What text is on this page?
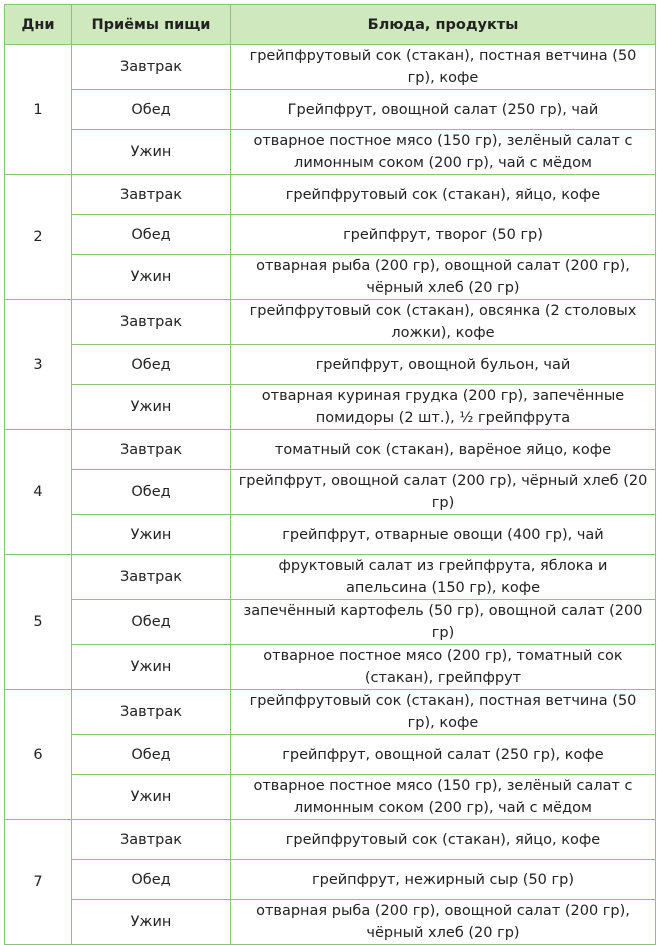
Дни	Приёмы пищи	Блюда, продукты
1	Завтрак	грейпфрутовый сок (стакан), постная ветчина (50 гр), кофе
	Обед	Грейпфрут, овощной салат (250 гр), чай
	Ужин	отварное постное мясо (150 гр), зелёный салат с лимонным соком (200 гр), чай с мёдом
2	Завтрак	грейпфрутовый сок (стакан), яйцо, кофе
	Обед	грейпфрут, творог (50 гр)
	Ужин	отварная рыба (200 гр), овощной салат (200 гр), чёрный хлеб (20 гр)
3	Завтрак	грейпфрутовый сок (стакан), овсянка (2 столовых ложки), кофе
	Обед	грейпфрут, овощной бульон, чай
	Ужин	отварная куриная грудка (200 гр), запечённые помидоры (2 шт.), ½ грейпфрута
4	Завтрак	томатный сок (стакан), варёное яйцо, кофе
	Обед	грейпфрут, овощной салат (200 гр), чёрный хлеб (20 гр)
	Ужин	грейпфрут, отварные овощи (400 гр), чай
5	Завтрак	фруктовый салат из грейпфрута, яблока и апельсина (150 гр), кофе
	Обед	запечённый картофель (50 гр), овощной салат (200 гр)
	Ужин	отварное постное мясо (200 гр), томатный сок (стакан), грейпфрут
6	Завтрак	грейпфрутовый сок (стакан), постная ветчина (50 гр), кофе
	Обед	грейпфрут, овощной салат (250 гр), кофе
	Ужин	отварное постное мясо (150 гр), зелёный салат с лимонным соком (200 гр), чай с мёдом
7	Завтрак	грейпфрутовый сок (стакан), яйцо, кофе
	Обед	грейпфрут, нежирный сыр (50 гр)
	Ужин	отварная рыба (200 гр), овощной салат (200 гр), чёрный хлеб (20 гр)
